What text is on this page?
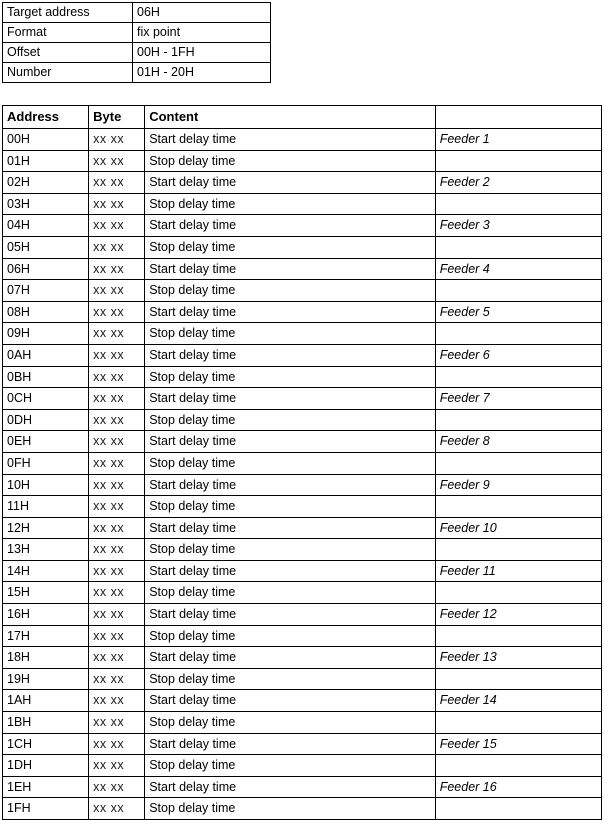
Target address	06H
Format	fix point
Offset	00H - 1FH
Number	01H - 20H
Address	Byte	Content	
00H	xx xx	Start delay time	Feeder 1
01H	xx xx	Stop delay time	
02H	xx xx	Start delay time	Feeder 2
03H	xx xx	Stop delay time	
04H	xx xx	Start delay time	Feeder 3
05H	xx xx	Stop delay time	
06H	xx xx	Start delay time	Feeder 4
07H	xx xx	Stop delay time	
08H	xx xx	Start delay time	Feeder 5
09H	xx xx	Stop delay time	
0AH	xx xx	Start delay time	Feeder 6
0BH	xx xx	Stop delay time	
0CH	xx xx	Start delay time	Feeder 7
0DH	xx xx	Stop delay time	
0EH	xx xx	Start delay time	Feeder 8
0FH	xx xx	Stop delay time	
10H	xx xx	Start delay time	Feeder 9
11H	xx xx	Stop delay time	
12H	xx xx	Start delay time	Feeder 10
13H	xx xx	Stop delay time	
14H	xx xx	Start delay time	Feeder 11
15H	xx xx	Stop delay time	
16H	xx xx	Start delay time	Feeder 12
17H	xx xx	Stop delay time	
18H	xx xx	Start delay time	Feeder 13
19H	xx xx	Stop delay time	
1AH	xx xx	Start delay time	Feeder 14
1BH	xx xx	Stop delay time	
1CH	xx xx	Start delay time	Feeder 15
1DH	xx xx	Stop delay time	
1EH	xx xx	Start delay time	Feeder 16
1FH	xx xx	Stop delay time	
